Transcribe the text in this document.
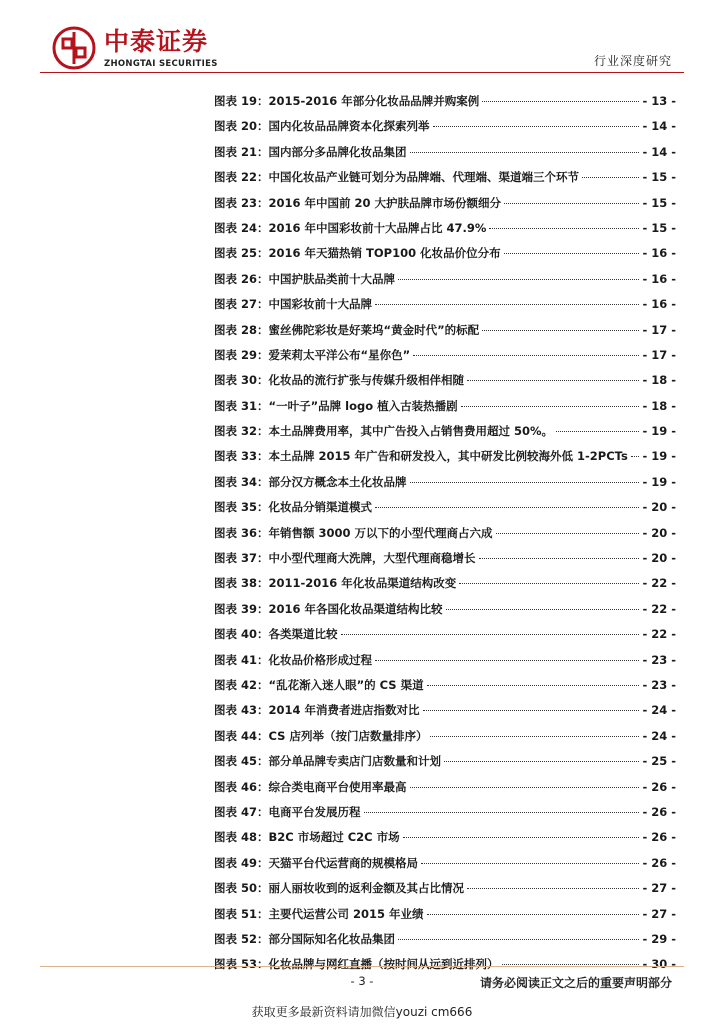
中泰证券
ZHONGTAI SECURITIES	行业深度研究
图表 19：2015-2016 年部分化妆品品牌并购案例	- 13 -
图表 20：国内化妆品品牌资本化探索列举	- 14 -
图表 21：国内部分多品牌化妆品集团	- 14 -
图表 22：中国化妆品产业链可划分为品牌端、代理端、渠道端三个环节	- 15 -
图表 23：2016 年中国前 20 大护肤品牌市场份额细分	- 15 -
图表 24：2016 年中国彩妆前十大品牌占比 47.9%	- 15 -
图表 25：2016 年天猫热销 TOP100 化妆品价位分布	- 16 -
图表 26：中国护肤品类前十大品牌	- 16 -
图表 27：中国彩妆前十大品牌	- 16 -
图表 28：蜜丝佛陀彩妆是好莱坞“黄金时代”的标配	- 17 -
图表 29：爱茉莉太平洋公布“星你色”	- 17 -
图表 30：化妆品的流行扩张与传媒升级相伴相随	- 18 -
图表 31：“一叶子”品牌 logo 植入古装热播剧	- 18 -
图表 32：本土品牌费用率，其中广告投入占销售费用超过 50%。	- 19 -
图表 33：本土品牌 2015 年广告和研发投入，其中研发比例较海外低 1-2PCTs - 19 -
图表 34：部分汉方概念本土化妆品牌	- 19 -
图表 35：化妆品分销渠道模式	- 20 -
图表 36：年销售额 3000 万以下的小型代理商占六成	- 20 -
图表 37：中小型代理商大洗牌，大型代理商稳增长	- 20 -
图表 38：2011-2016 年化妆品渠道结构改变	- 22 -
图表 39：2016 年各国化妆品渠道结构比较	- 22 -
图表 40：各类渠道比较	- 22 -
图表 41：化妆品价格形成过程	- 23 -
图表 42：“乱花渐入迷人眼”的 CS 渠道	- 23 -
图表 43：2014 年消费者进店指数对比	- 24 -
图表 44：CS 店列举（按门店数量排序）	- 24 -
图表 45：部分单品牌专卖店门店数量和计划	- 25 -
图表 46：综合类电商平台使用率最高	- 26 -
图表 47：电商平台发展历程	- 26 -
图表 48：B2C 市场超过 C2C 市场	- 26 -
图表 49：天猫平台代运营商的规模格局	- 26 -
图表 50：丽人丽妆收到的返利金额及其占比情况	- 27 -
图表 51：主要代运营公司 2015 年业绩	- 27 -
图表 52：部分国际知名化妆品集团	- 29 -
图表 53：化妆品牌与网红直播（按时间从远到近排列）	- 30 -
- 3 -	请务必阅读正文之后的重要声明部分
获取更多最新资料请加微信youzi cm666
